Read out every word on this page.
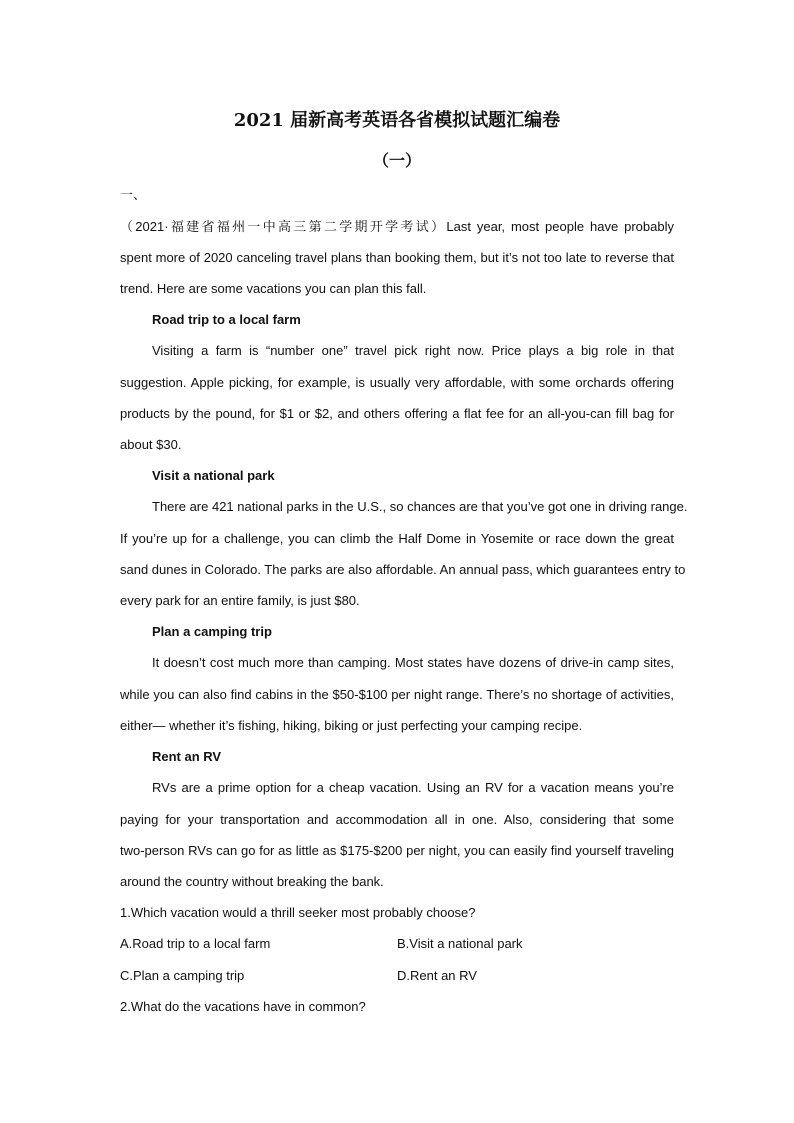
2021 届新高考英语各省模拟试题汇编卷
（一）
一、
（2021·福建省福州一中高三第二学期开学考试）Last year, most people have probably
spent more of 2020 canceling travel plans than booking them, but it’s not too late to reverse that
trend. Here are some vacations you can plan this fall.
Road trip to a local farm
Visiting a farm is “number one” travel pick right now. Price plays a big role in that
suggestion. Apple picking, for example, is usually very affordable, with some orchards offering
products by the pound, for $1 or $2, and others offering a flat fee for an all-you-can fill bag for
about $30.
Visit a national park
There are 421 national parks in the U.S., so chances are that you’ve got one in driving range.
If you’re up for a challenge, you can climb the Half Dome in Yosemite or race down the great
sand dunes in Colorado. The parks are also affordable. An annual pass, which guarantees entry to
every park for an entire family, is just $80.
Plan a camping trip
It doesn’t cost much more than camping. Most states have dozens of drive-in camp sites,
while you can also find cabins in the $50-$100 per night range. There’s no shortage of activities,
either— whether it’s fishing, hiking, biking or just perfecting your camping recipe.
Rent an RV
RVs are a prime option for a cheap vacation. Using an RV for a vacation means you’re
paying for your transportation and accommodation all in one. Also, considering that some
two-person RVs can go for as little as $175-$200 per night, you can easily find yourself traveling
around the country without breaking the bank.
1.Which vacation would a thrill seeker most probably choose?
A.Road trip to a local farm	B.Visit a national park
C.Plan a camping trip	D.Rent an RV
2.What do the vacations have in common?
